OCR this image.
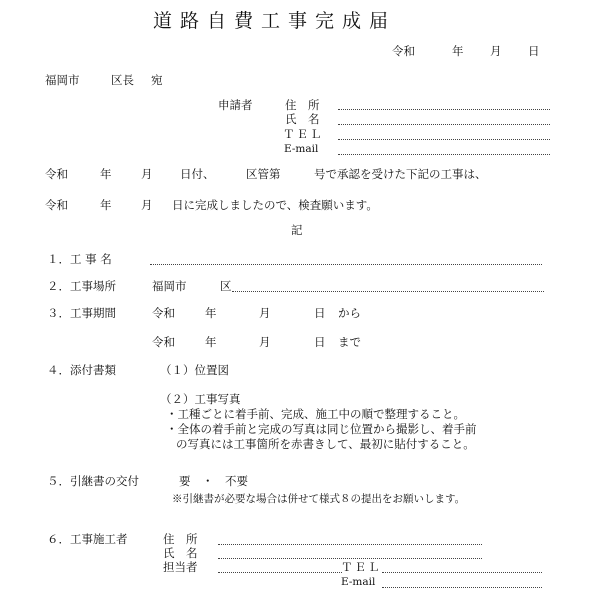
道路自費工事完成届
令和	年 月 日
福岡市	区長 宛
申請者	住　所
氏　名
ＴＥＬ
E-mail
令和	年	月 日付、	区管第	号で承認を受けた下記の工事は、
令和	年	月 日に完成しましたので、検査願います。
記
１．工 事 名
２．工事場所	福岡市	区
３．工事期間	令和	年	月	日 から
令和	年	月	日 まで
４．添付書類	（１）位置図
（２）工事写真
・工種ごとに着手前、完成、施工中の順で整理すること。
・全体の着手前と完成の写真は同じ位置から撮影し、着手前
の写真には工事箇所を赤書きして、最初に貼付すること。
５．引継書の交付	要　・　不要
※引継書が必要な場合は併せて様式８の提出をお願いします。
６．工事施工者	住　所
氏　名
担当者	ＴＥＬ
E-mail
